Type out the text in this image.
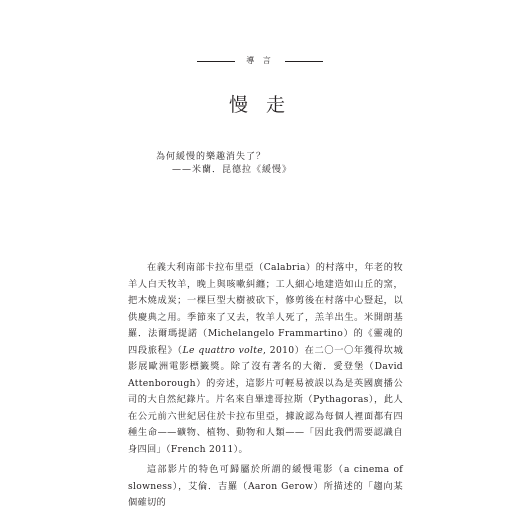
導 言
慢 走
為何緩慢的樂趣消失了？
——米蘭．昆德拉《緩慢》

在義大利南部卡拉布里亞（Calabria）的村落中，年老的牧羊人白天牧羊，晚上與咳嗽糾纏；工人細心地建造如山丘的窯，把木燒成炭；一棵巨型大樹被砍下，修剪後在村落中心豎起，以供慶典之用。季節來了又去，牧羊人死了，羔羊出生。米開朗基羅．法爾瑪提諾（Michelangelo Frammartino）的《靈魂的四段旅程》（Le quattro volte, 2010）在二〇一〇年獲得坎城影展歐洲電影標籤獎。除了沒有著名的大衛．愛登堡（David Attenborough）的旁述，這影片可輕易被誤以為是英國廣播公司的大自然紀錄片。片名來自畢達哥拉斯（Pythagoras），此人在公元前六世紀居住於卡拉布里亞，據說認為每個人裡面都有四種生命——礦物、植物、動物和人類——「因此我們需要認識自身四回」（French 2011）。

這部影片的特色可歸屬於所謂的緩慢電影（a cinema of slowness），艾倫．吉羅（Aaron Gerow）所描述的「趨向某個確切的
